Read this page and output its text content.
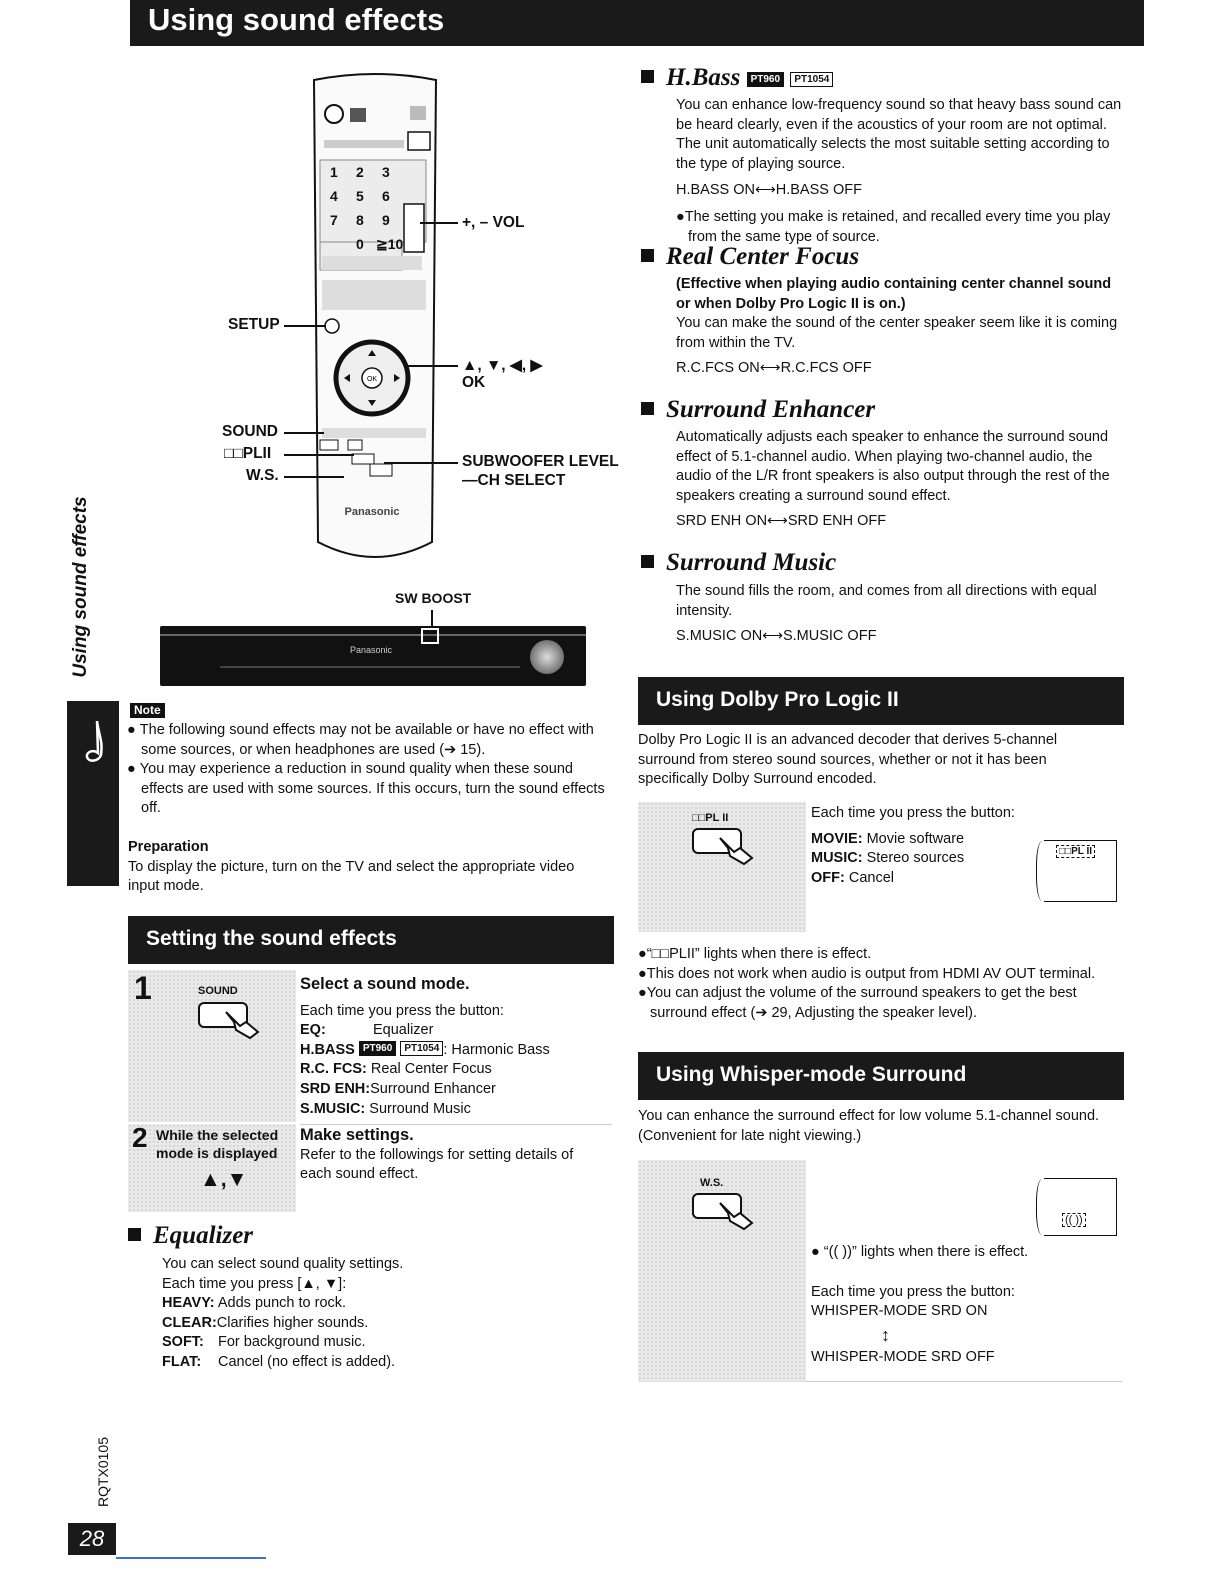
Using sound effects
Using sound effects
OK
Panasonic
1 2 3
4 5 6
7 8 9
0 ≧10
+, – VOL
SETUP
▲, ▼, ◀, ▶
OK
SOUND
□□PLII
W.S.
SUBWOOFER LEVEL
—CH SELECT
SW BOOST
Panasonic
Note

● The following sound effects may not be available or have no effect with some sources, or when headphones are used (➔ 15).

● You may experience a reduction in sound quality when these sound effects are used with some sources. If this occurs, turn the sound effects off.

Preparation

To display the picture, turn on the TV and select the appropriate video input mode.

Setting the sound effects
1	SOUND	Select a sound mode.

Each time you press the button:

EQ:	Equalizer

H.BASS PT960 PT1054 : Harmonic Bass

R.C. FCS: Real Center Focus

SRD ENH:Surround Enhancer

S.MUSIC: Surround Music

2 While the selected
mode is displayed
▲,▼

Make settings.

Refer to the followings for setting details of each sound effect.

Equalizer

You can select sound quality settings.

Each time you press [▲, ▼]:

HEAVY: Adds punch to rock.

CLEAR:Clarifies higher sounds.

SOFT: For background music.

FLAT: Cancel (no effect is added).

H.Bass PT960 PT1054

You can enhance low-frequency sound so that heavy bass sound can be heard clearly, even if the acoustics of your room are not optimal. The unit automatically selects the most suitable setting according to the type of playing source.

H.BASS ON⟷H.BASS OFF

●The setting you make is retained, and recalled every time you play from the same type of source.

Real Center Focus

(Effective when playing audio containing center channel sound or when Dolby Pro Logic II is on.)

You can make the sound of the center speaker seem like it is coming from within the TV.

R.C.FCS ON⟷R.C.FCS OFF

Surround Enhancer

Automatically adjusts each speaker to enhance the surround sound effect of 5.1-channel audio. When playing two-channel audio, the audio of the L/R front speakers is also output through the rest of the speakers creating a surround sound effect.

SRD ENH ON⟷SRD ENH OFF

Surround Music

The sound fills the room, and comes from all directions with equal intensity.

S.MUSIC ON⟷S.MUSIC OFF

Using Dolby Pro Logic II
Dolby Pro Logic II is an advanced decoder that derives 5-channel surround from stereo sound sources, whether or not it has been specifically Dolby Surround encoded.
□□PL II	Each time you press the button:

MOVIE: Movie software

MUSIC: Stereo sources

OFF: Cancel

□□PL II

●“□□PLII” lights when there is effect.

●This does not work when audio is output from HDMI AV OUT terminal.

●You can adjust the volume of the surround speakers to get the best surround effect (➔ 29, Adjusting the speaker level).

Using Whisper-mode Surround
You can enhance the surround effect for low volume 5.1-channel sound. (Convenient for late night viewing.)
W.S.
(( ))

● “(( ))” lights when there is effect.

Each time you press the button:

WHISPER-MODE SRD ON

↕

WHISPER-MODE SRD OFF

RQTX0105
28
